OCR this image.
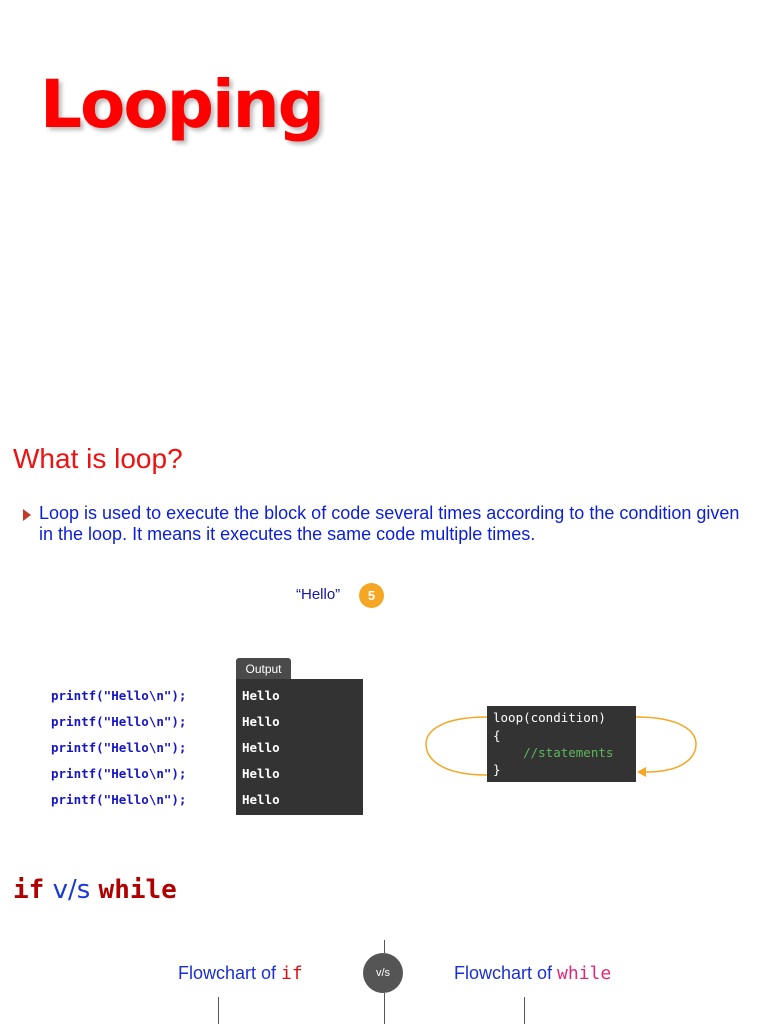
Looping
What is loop?
Loop is used to execute the block of code several times according to the condition given in the loop. It means it executes the same code multiple times.
“Hello”	5
printf("Hello\n");
printf("Hello\n");
printf("Hello\n");
printf("Hello\n");
printf("Hello\n");
Output
Hello
Hello
Hello
Hello
Hello
loop(condition)
{
//statements
}
if v/s while
Flowchart of if	v/s	Flowchart of while
